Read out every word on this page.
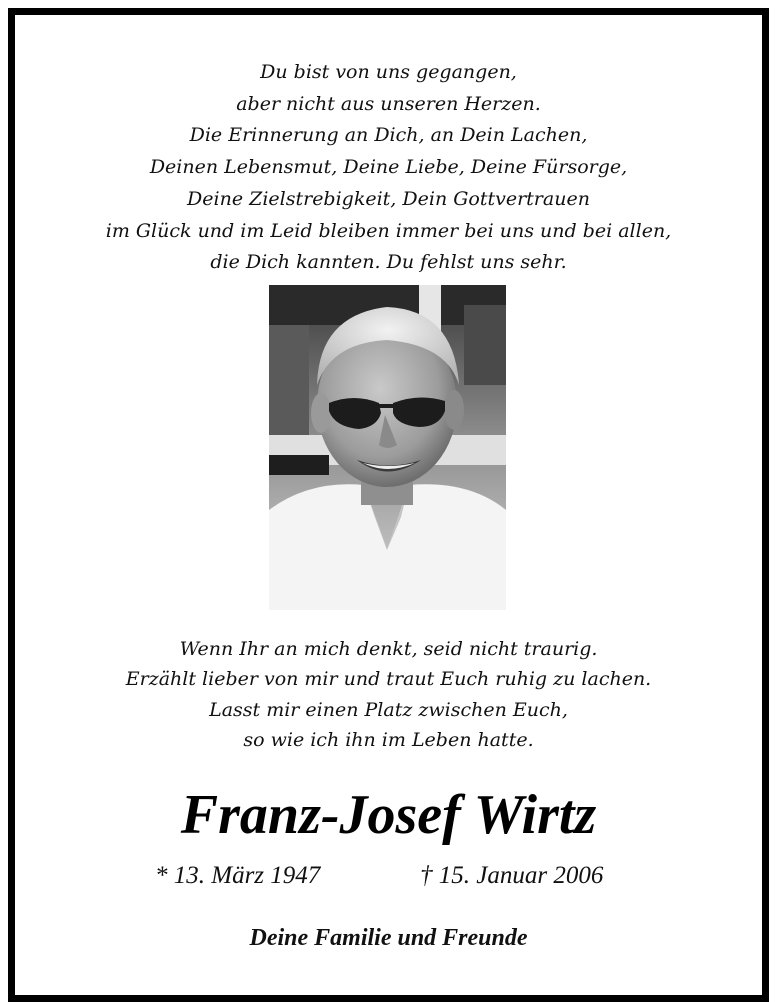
Du bist von uns gegangen,
aber nicht aus unseren Herzen.
Die Erinnerung an Dich, an Dein Lachen,
Deinen Lebensmut, Deine Liebe, Deine Fürsorge,
Deine Zielstrebigkeit, Dein Gottvertrauen
im Glück und im Leid bleiben immer bei uns und bei allen,
die Dich kannten. Du fehlst uns sehr.
Wenn Ihr an mich denkt, seid nicht traurig.
Erzählt lieber von mir und traut Euch ruhig zu lachen.
Lasst mir einen Platz zwischen Euch,
so wie ich ihn im Leben hatte.
Franz-Josef Wirtz
* 13. März 1947	† 15. Januar 2006
Deine Familie und Freunde
